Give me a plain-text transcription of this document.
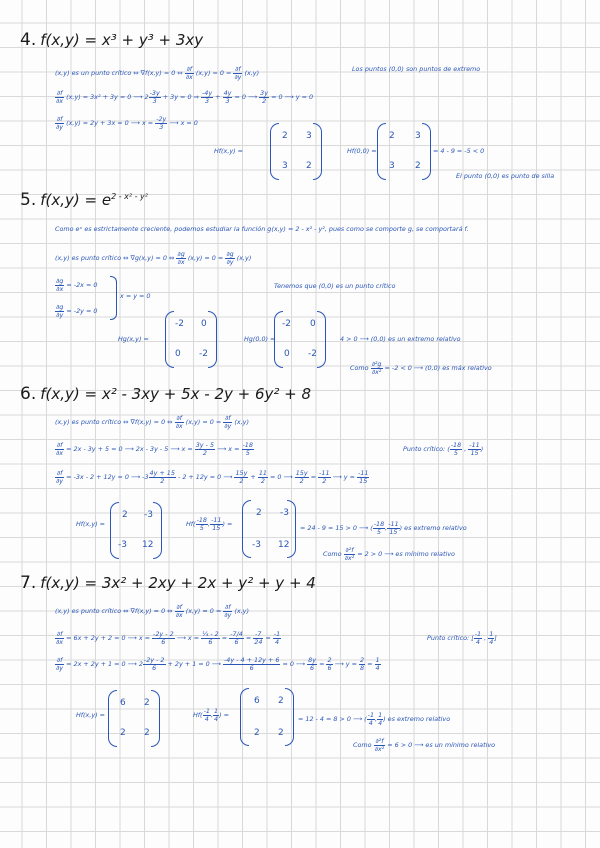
4. f(x,y) = x³ + y³ + 3xy
(x,y) es un punto crítico ⇔ ∇f(x,y) = 0 ⇔ $\frac{\partial f}{\partial x} (x,y) = 0 = \frac{\partial f}{\partial y} (x,y)$
Los puntos (0,0) son puntos de extremo
$\frac{\partial f}{\partial x} (x,y) = 3x^2 + 3y = 0$ ⟶ $2 \frac{-3y}{3} + 3y = 0$ ⇒ $\frac{-4y}{3} + \frac{4y}{3} = 0$ ⟶ $\frac{3y}{2} = 0$ ⟶ y = 0
$\frac{\partial f}{\partial y} (x,y) = 2y + 3x = 0$ ⟶ $x = \frac{-2y}{3}$ ⟶ x = 0
Hf(x,y) =
2 3
3 2
Hf(0,0) =
2 3
3 2
= 4 - 9 = -5 < 0
El punto (0,0) es punto de silla
5. $f(x,y) = e^{2 - x^2 - y^2}$
Como eˣ es estrictamente creciente, podemos estudiar la función g(x,y) = 2 - x² - y², pues como se comporte g, se comportará f.
(x,y) es punto crítico ⇔ ∇g(x,y) = 0 ⇔ $\frac{\partial g}{\partial x} (x,y) = 0 = \frac{\partial g}{\partial y} (x,y)$
$\frac{\partial g}{\partial x} = -2x = 0$
$\frac{\partial g}{\partial y} = -2y = 0$
x = y = 0
Tenemos que (0,0) es un punto crítico
Hg(x,y) =
-2 0
0 -2
Hg(0,0) =
-2 0
0 -2
4 > 0 ⟶ (0,0) es un extremo relativo
Como $\frac{\text{∂²g}}{\text{∂x²}} = -2 < 0$ ⟶ (0,0) es máx relativo
6. f(x,y) = x² - 3xy + 5x - 2y + 6y² + 8
(x,y) es punto crítico ⇔ ∇f(x,y) = 0 ⇔ $\frac{\partial f}{\partial x} (x,y) = 0 = \frac{\partial f}{\partial y} (x,y)$
$\frac{\partial f}{\partial x} = 2x - 3y + 5 = 0$ ⟶ 2x - 3y - 5 ⟶ $x = \frac{3y - 5}{2}$ ⟶ $x = \frac{-18}{5}$	Punto crítico: ( $\frac{-18}{5}$ , $\frac{-11}{15}$ )
$\frac{\partial f}{\partial y} = -3x - 2 + 12y = 0$ ⟶ $-3 \frac{4y + 15}{2} - 2 + 12y = 0$ ⟶ $\frac{15y}{2} + \frac{11}{2} = 0$ ⟶ $\frac{15y}{2} = \frac{-11}{2}$ ⟶ $y = \frac{-11}{15}$
Hf(x,y) =
2 -3
-3 12
$Hf( \frac{-18}{5}$ , $\frac{-11}{15}$ ) =
2 -3
-3 12
= 24 - 9 = 15 > 0 ⟶ ( $\frac{-18}{5}$ , $\frac{-11}{15}$ ) es extremo relativo
Como $\frac{\text{∂²f}}{\text{∂x²}} = 2 > 0$ ⟶ es mínimo relativo
7. f(x,y) = 3x² + 2xy + 2x + y² + y + 4
(x,y) es punto crítico ⇔ ∇f(x,y) = 0 ⇔ $\frac{\partial f}{\partial x} (x,y) = 0 = \frac{\partial f}{\partial y} (x,y)$
$\frac{\partial f}{\partial x} = 6x + 2y + 2 = 0$ ⟶ $x = \frac{-2y - 2}{6}$ ⟶ $x = \frac{\text{¼ - 2}}{6} = \frac{-7/4}{6} = \frac{-7}{24} = \frac{-1}{4}$	Punto crítico: [ $\frac{-1}{4}$ , $\frac{1}{4}$ ]
$\frac{\partial f}{\partial y} = 2x + 2y + 1 = 0$ ⟶ $2 \frac{-2y - 2}{6} + 2y + 1 = 0$ ⟶ $\frac{-4y - 4 + 12y + 6}{6} = 0$ ⟶ $\frac{8y}{6} = \frac{2}{6}$ ⟶ $y = \frac{2}{8} = \frac{1}{4}$
Hf(x,y) =
6 2
2 2
$Hf( \frac{-1}{4}$ , $\frac{1}{4}$ ) =
6 2
2 2
= 12 - 4 = 8 > 0 ⟶ ( $\frac{-1}{4}$ , $\frac{1}{4}$ ) es extremo relativo
Como $\frac{\text{∂²f}}{\text{∂x²}} = 6 > 0$ ⟶ es un mínimo relativo
